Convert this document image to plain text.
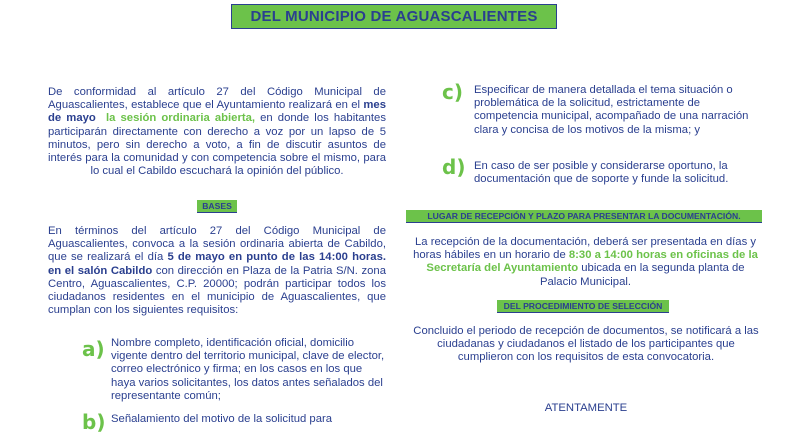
DEL MUNICIPIO DE AGUASCALIENTES
De conformidad al artículo 27 del Código Municipal de Aguascalientes, establece que el Ayuntamiento realizará en el mes de mayo la sesión ordinaria abierta, en donde los habitantes participarán directamente con derecho a voz por un lapso de 5 minutos, pero sin derecho a voto, a fin de discutir asuntos de interés para la comunidad y con competencia sobre el mismo, para lo cual el Cabildo escuchará la opinión del público.
BASES
En términos del artículo 27 del Código Municipal de Aguascalientes, convoca a la sesión ordinaria abierta de Cabildo, que se realizará el día 5 de mayo en punto de las 14:00 horas. en el salón Cabildo con dirección en Plaza de la Patria S/N. zona Centro, Aguascalientes, C.P. 20000; podrán participar todos los ciudadanos residentes en el municipio de Aguascalientes, que cumplan con los siguientes requisitos:
a) Nombre completo, identificación oficial, domicilio vigente dentro del territorio municipal, clave de elector, correo electrónico y firma; en los casos en los que haya varios solicitantes, los datos antes señalados del representante común;
b) Señalamiento del motivo de la solicitud para
c) Especificar de manera detallada el tema situación o problemática de la solicitud, estrictamente de competencia municipal, acompañado de una narración clara y concisa de los motivos de la misma; y
d) En caso de ser posible y considerarse oportuno, la documentación que de soporte y funde la solicitud.
LUGAR DE RECEPCIÓN Y PLAZO PARA PRESENTAR LA DOCUMENTACIÓN.
La recepción de la documentación, deberá ser presentada en días y horas hábiles en un horario de 8:30 a 14:00 horas en oficinas de la Secretaría del Ayuntamiento ubicada en la segunda planta de Palacio Municipal.
DEL PROCEDIMIENTO DE SELECCIÓN
Concluido el periodo de recepción de documentos, se notificará a las ciudadanas y ciudadanos el listado de los participantes que cumplieron con los requisitos de esta convocatoria.
ATENTAMENTE
